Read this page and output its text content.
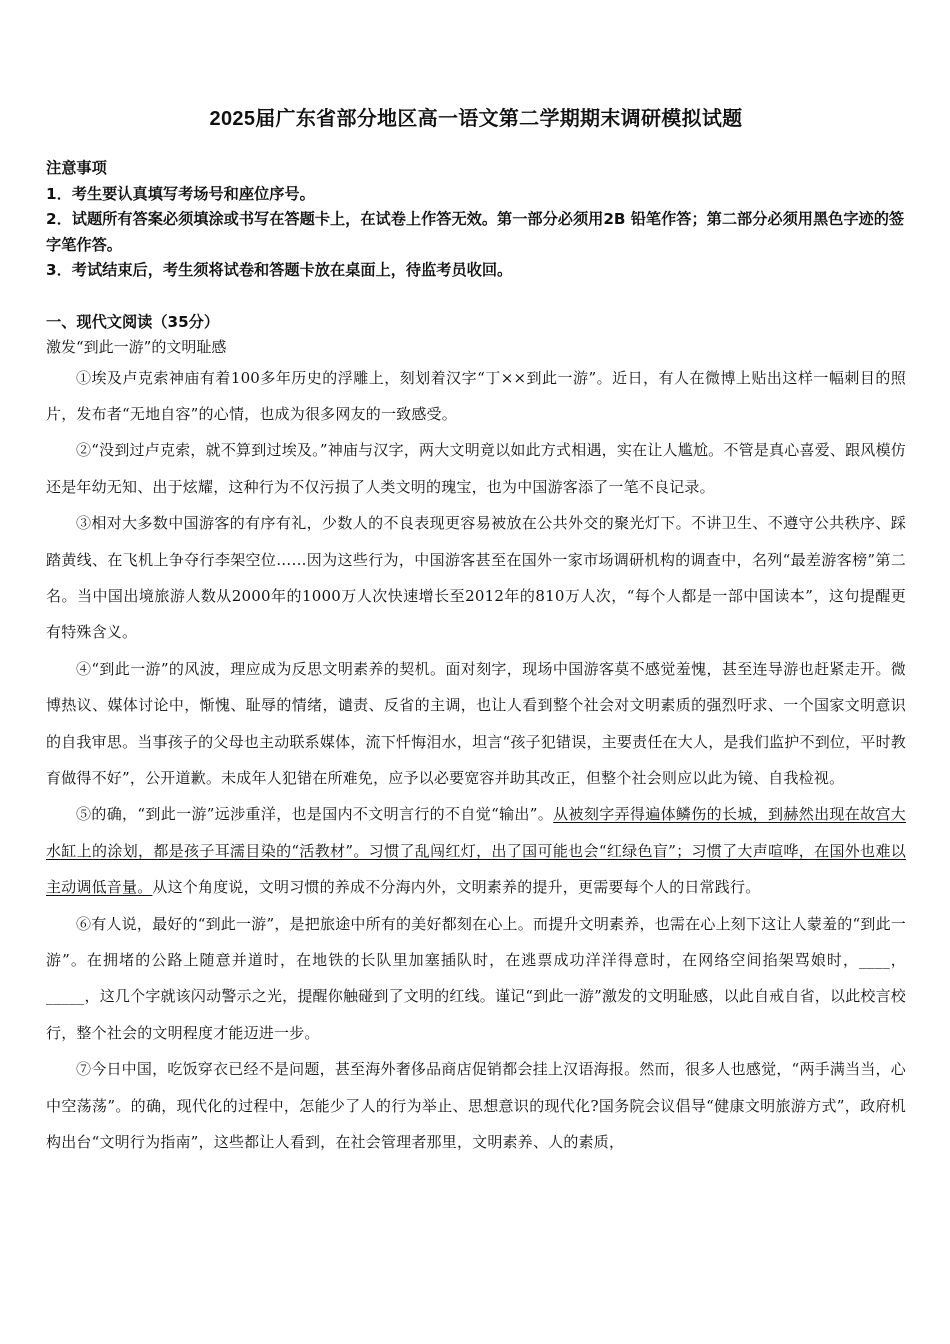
2025届广东省部分地区高一语文第二学期期末调研模拟试题
注意事项
1．考生要认真填写考场号和座位序号。
2．试题所有答案必须填涂或书写在答题卡上，在试卷上作答无效。第一部分必须用2B 铅笔作答；第二部分必须用黑色字迹的签字笔作答。
3．考试结束后，考生须将试卷和答题卡放在桌面上，待监考员收回。
一、现代文阅读（35分）
激发“到此一游”的文明耻感

①埃及卢克索神庙有着100多年历史的浮雕上，刻划着汉字“丁××到此一游”。近日，有人在微博上贴出这样一幅刺目的照片，发布者“无地自容”的心情，也成为很多网友的一致感受。

②“没到过卢克索，就不算到过埃及。”神庙与汉字，两大文明竟以如此方式相遇，实在让人尴尬。不管是真心喜爱、跟风模仿还是年幼无知、出于炫耀，这种行为不仅污损了人类文明的瑰宝，也为中国游客添了一笔不良记录。

③相对大多数中国游客的有序有礼，少数人的不良表现更容易被放在公共外交的聚光灯下。不讲卫生、不遵守公共秩序、踩踏黄线、在飞机上争夺行李架空位……因为这些行为，中国游客甚至在国外一家市场调研机构的调查中，名列“最差游客榜”第二名。当中国出境旅游人数从2000年的1000万人次快速增长至2012年的810万人次，“每个人都是一部中国读本”，这句提醒更有特殊含义。

④“到此一游”的风波，理应成为反思文明素养的契机。面对刻字，现场中国游客莫不感觉羞愧，甚至连导游也赶紧走开。微博热议、媒体讨论中，惭愧、耻辱的情绪，谴责、反省的主调，也让人看到整个社会对文明素质的强烈吁求、一个国家文明意识的自我审思。当事孩子的父母也主动联系媒体，流下忏悔泪水，坦言“孩子犯错误，主要责任在大人，是我们监护不到位，平时教育做得不好”，公开道歉。未成年人犯错在所难免，应予以必要宽容并助其改正，但整个社会则应以此为镜、自我检视。

⑤的确，“到此一游”远涉重洋，也是国内不文明言行的不自觉“输出”。从被刻字弄得遍体鳞伤的长城，到赫然出现在故宫大水缸上的涂划，都是孩子耳濡目染的“活教材”。习惯了乱闯红灯，出了国可能也会“红绿色盲”；习惯了大声喧哗，在国外也难以主动调低音量。从这个角度说，文明习惯的养成不分海内外，文明素养的提升，更需要每个人的日常践行。

⑥有人说，最好的“到此一游”，是把旅途中所有的美好都刻在心上。而提升文明素养，也需在心上刻下这让人蒙羞的“到此一游”。在拥堵的公路上随意并道时，在地铁的长队里加塞插队时，在逃票成功洋洋得意时，在网络空间掐架骂娘时，____，_____，这几个字就该闪动警示之光，提醒你触碰到了文明的红线。谨记“到此一游”激发的文明耻感，以此自戒自省，以此校言校行，整个社会的文明程度才能迈进一步。

⑦今日中国，吃饭穿衣已经不是问题，甚至海外奢侈品商店促销都会挂上汉语海报。然而，很多人也感觉，“两手满当当，心中空荡荡”。的确，现代化的过程中，怎能少了人的行为举止、思想意识的现代化?国务院会议倡导“健康文明旅游方式”，政府机构出台“文明行为指南”，这些都让人看到，在社会管理者那里，文明素养、人的素质，
